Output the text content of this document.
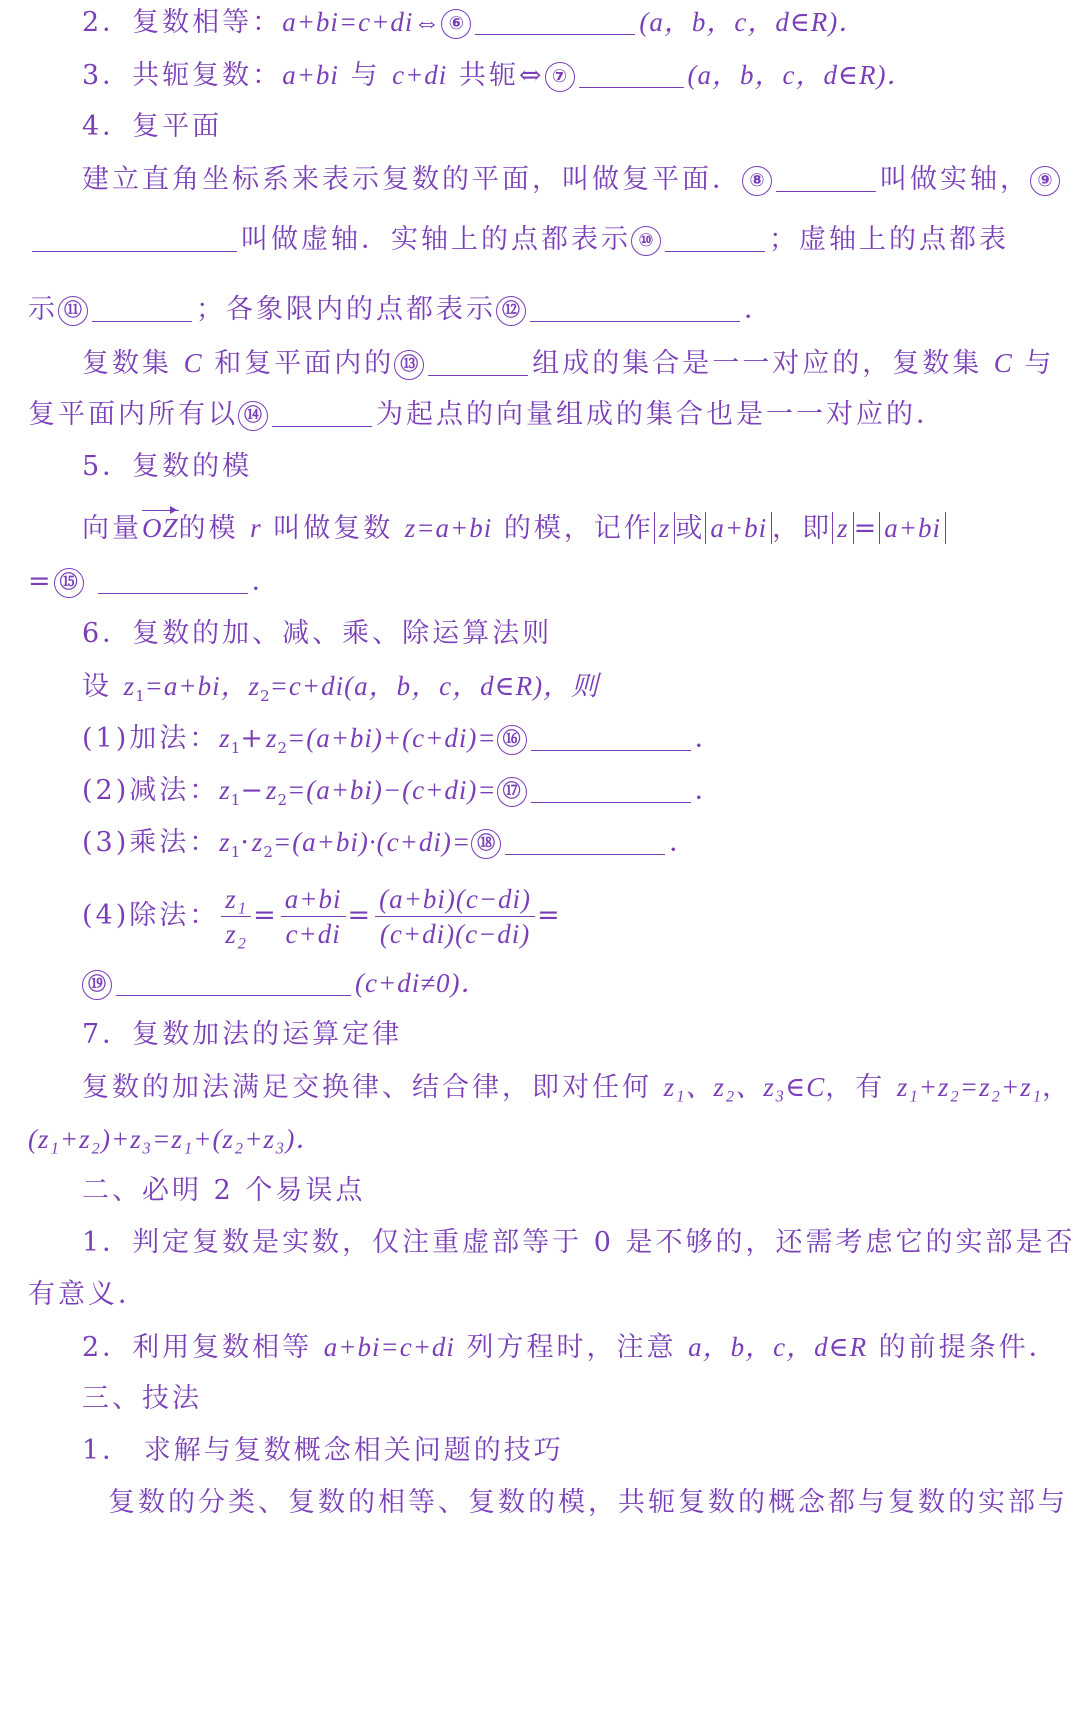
2．复数相等：a+bi=c+di⇔ ⑥	(a，b，c，d∈R)．
3．共轭复数：a+bi 与 c+di 共轭⇔ ⑦	(a，b，c，d∈R)．
4．复平面
建立直角坐标系来表示复数的平面，叫做复平面． ⑧	叫做实轴， ⑨
叫做虚轴．实轴上的点都表示 ⑩	；虚轴上的点都表
示 ⑪	；各象限内的点都表示 ⑫	．
复数集 C 和复平面内的 ⑬	组成的集合是一一对应的，复数集 C 与
复平面内所有以 ⑭	为起点的向量组成的集合也是一一对应的．
5．复数的模
向量OZ的模 r 叫做复数 z=a+bi 的模，记作 z 或 a+bi ，即 z = a+bi
= ⑮	．
6．复数的加、减、乘、除运算法则
设 $z_1=a+bi$，$z_2=c+di(a$，b，c，d∈R)，则
(1)加法：$z_1+z_2=(a+bi)+(c+di)=$ ⑯	．
(2)减法：$z_1-z_2=(a+bi)-(c+di)=$ ⑰	．
(3)乘法：$z_1\cdot z_2=(a+bi)\cdot(c+di)=$ ⑱	．
(4)除法： $\frac{\text{z₁}}{\text{z₂}} = \frac{a+bi}{c+di} = \frac{(a+bi)(c-di)}{(c+di)(c-di)}$ =
⑲	(c+di≠0)．
7．复数加法的运算定律
复数的加法满足交换律、结合律，即对任何 z₁、z₂、z₃∈C，有 z₁+z₂=z₂+z₁，
(z₁+z₂)+z₃=z₁+(z₂+z₃)．
二、必明 2 个易误点
1．判定复数是实数，仅注重虚部等于 0 是不够的，还需考虑它的实部是否
有意义．
2．利用复数相等 a+bi=c+di 列方程时，注意 a，b，c，d∈R 的前提条件．
三、技法
1． 求解与复数概念相关问题的技巧
复数的分类、复数的相等、复数的模，共轭复数的概念都与复数的实部与
